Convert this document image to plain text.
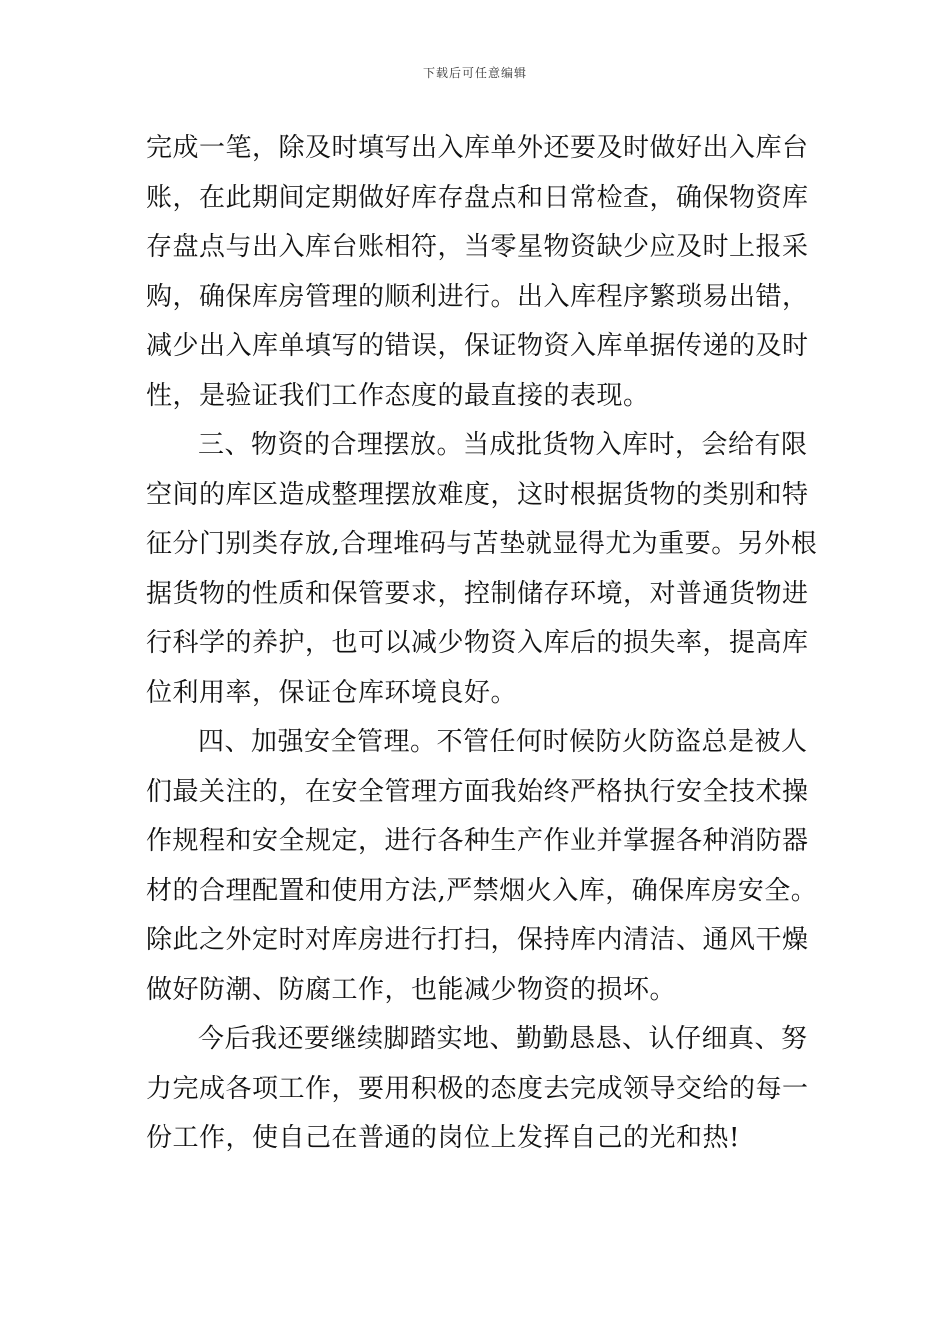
下载后可任意编辑
完成一笔，除及时填写出入库单外还要及时做好出入库台
账，在此期间定期做好库存盘点和日常检查，确保物资库
存盘点与出入库台账相符，当零星物资缺少应及时上报采
购，确保库房管理的顺利进行。出入库程序繁琐易出错，
减少出入库单填写的错误，保证物资入库单据传递的及时
性，是验证我们工作态度的最直接的表现。
三、物资的合理摆放。当成批货物入库时，会给有限
空间的库区造成整理摆放难度，这时根据货物的类别和特
征分门别类存放,合理堆码与苫垫就显得尤为重要。另外根
据货物的性质和保管要求，控制储存环境，对普通货物进
行科学的养护，也可以减少物资入库后的损失率，提高库
位利用率，保证仓库环境良好。
四、加强安全管理。不管任何时候防火防盗总是被人
们最关注的，在安全管理方面我始终严格执行安全技术操
作规程和安全规定，进行各种生产作业并掌握各种消防器
材的合理配置和使用方法,严禁烟火入库，确保库房安全。
除此之外定时对库房进行打扫，保持库内清洁、通风干燥
做好防潮、防腐工作，也能减少物资的损坏。
今后我还要继续脚踏实地、勤勤恳恳、认仔细真、努
力完成各项工作，要用积极的态度去完成领导交给的每一
份工作，使自己在普通的岗位上发挥自己的光和热!
